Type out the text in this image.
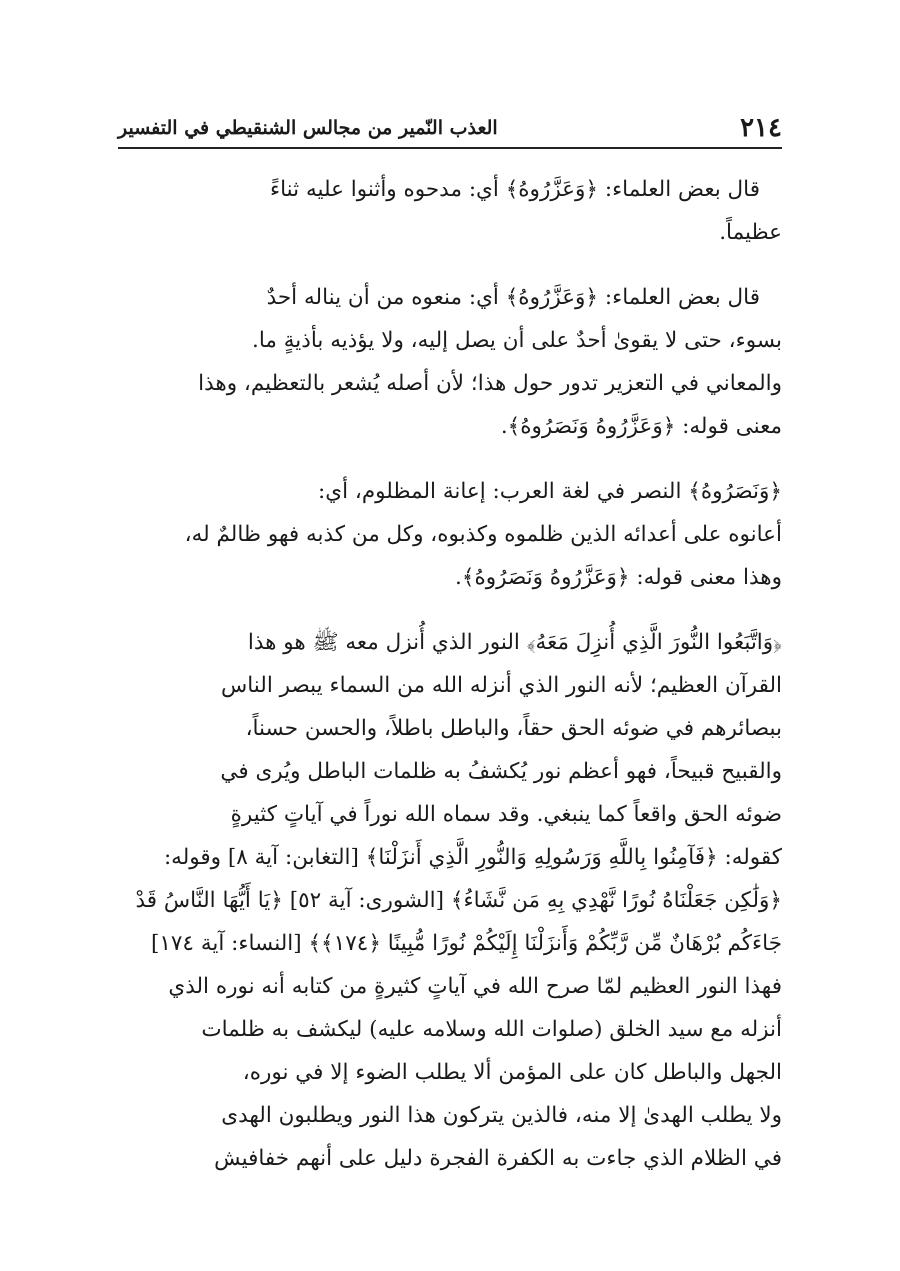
٢١٤
العذب النّمير من مجالس الشنقيطي في التفسير

قال بعض العلماء: ﴿وَعَزَّرُوهُ﴾ أي: مدحوه وأثنوا عليه ثناءً
عظيماً.

قال بعض العلماء: ﴿وَعَزَّرُوهُ﴾ أي: منعوه من أن يناله أحدٌ
بسوء، حتى لا يقوىٰ أحدٌ على أن يصل إليه، ولا يؤذيه بأذيةٍ ما.
والمعاني في التعزير تدور حول هذا؛ لأن أصله يُشعر بالتعظيم، وهذا
معنى قوله: ﴿وَعَزَّرُوهُ وَنَصَرُوهُ﴾.

﴿وَنَصَرُوهُ﴾ النصر في لغة العرب: إعانة المظلوم، أي:
أعانوه على أعدائه الذين ظلموه وكذبوه، وكل من كذبه فهو ظالمٌ له،
وهذا معنى قوله: ﴿وَعَزَّرُوهُ وَنَصَرُوهُ﴾.

﴿وَاتَّبَعُوا النُّورَ الَّذِي أُنزِلَ مَعَهُ﴾ النور الذي أُنزل معه ﷺ هو هذا
القرآن العظيم؛ لأنه النور الذي أنزله الله من السماء يبصر الناس
ببصائرهم في ضوئه الحق حقاً، والباطل باطلاً، والحسن حسناً،
والقبيح قبيحاً، فهو أعظم نور يُكشفُ به ظلمات الباطل ويُرى في
ضوئه الحق واقعاً كما ينبغي. وقد سماه الله نوراً في آياتٍ كثيرةٍ
كقوله: ﴿فَآمِنُوا بِاللَّهِ وَرَسُولِهِ وَالنُّورِ الَّذِي أَنزَلْنَا﴾ [التغابن: آية ٨] وقوله:
﴿وَلَٰكِن جَعَلْنَاهُ نُورًا نَّهْدِي بِهِ مَن نَّشَاءُ﴾ [الشورى: آية ٥٢] ﴿يَا أَيُّهَا النَّاسُ قَدْ
جَاءَكُم بُرْهَانٌ مِّن رَّبِّكُمْ وَأَنزَلْنَا إِلَيْكُمْ نُورًا مُّبِينًا ﴿١٧٤﴾﴾ [النساء: آية ١٧٤]
فهذا النور العظيم لمّا صرح الله في آياتٍ كثيرةٍ من كتابه أنه نوره الذي
أنزله مع سيد الخلق (صلوات الله وسلامه عليه) ليكشف به ظلمات
الجهل والباطل كان على المؤمن ألا يطلب الضوء إلا في نوره،
ولا يطلب الهدىٰ إلا منه، فالذين يتركون هذا النور ويطلبون الهدى
في الظلام الذي جاءت به الكفرة الفجرة دليل على أنهم خفافيش
